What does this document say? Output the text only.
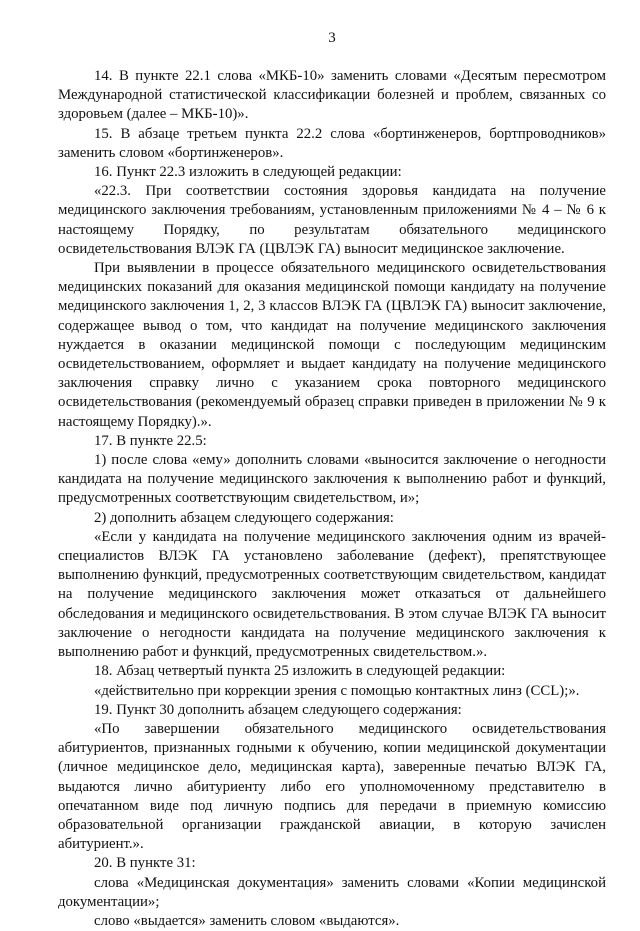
3

14. В пункте 22.1 слова «МКБ-10» заменить словами «Десятым пересмотром Международной статистической классификации болезней и проблем, связанных со здоровьем (далее – МКБ-10)».

15. В абзаце третьем пункта 22.2 слова «бортинженеров, бортпроводников» заменить словом «бортинженеров».

16. Пункт 22.3 изложить в следующей редакции:

«22.3. При соответствии состояния здоровья кандидата на получение медицинского заключения требованиям, установленным приложениями № 4 – № 6 к настоящему Порядку, по результатам обязательного медицинского освидетельствования ВЛЭК ГА (ЦВЛЭК ГА) выносит медицинское заключение.

При выявлении в процессе обязательного медицинского освидетельствования медицинских показаний для оказания медицинской помощи кандидату на получение медицинского заключения 1, 2, 3 классов ВЛЭК ГА (ЦВЛЭК ГА) выносит заключение, содержащее вывод о том, что кандидат на получение медицинского заключения нуждается в оказании медицинской помощи с последующим медицинским освидетельствованием, оформляет и выдает кандидату на получение медицинского заключения справку лично с указанием срока повторного медицинского освидетельствования (рекомендуемый образец справки приведен в приложении № 9 к настоящему Порядку).».

17. В пункте 22.5:

1) после слова «ему» дополнить словами «выносится заключение о негодности кандидата на получение медицинского заключения к выполнению работ и функций, предусмотренных соответствующим свидетельством, и»;

2) дополнить абзацем следующего содержания:

«Если у кандидата на получение медицинского заключения одним из врачей-специалистов ВЛЭК ГА установлено заболевание (дефект), препятствующее выполнению функций, предусмотренных соответствующим свидетельством, кандидат на получение медицинского заключения может отказаться от дальнейшего обследования и медицинского освидетельствования. В этом случае ВЛЭК ГА выносит заключение о негодности кандидата на получение медицинского заключения к выполнению работ и функций, предусмотренных свидетельством.».

18. Абзац четвертый пункта 25 изложить в следующей редакции:

«действительно при коррекции зрения с помощью контактных линз (CCL);».

19. Пункт 30 дополнить абзацем следующего содержания:

«По завершении обязательного медицинского освидетельствования абитуриентов, признанных годными к обучению, копии медицинской документации (личное медицинское дело, медицинская карта), заверенные печатью ВЛЭК ГА, выдаются лично абитуриенту либо его уполномоченному представителю в опечатанном виде под личную подпись для передачи в приемную комиссию образовательной организации гражданской авиации, в которую зачислен абитуриент.».

20. В пункте 31:

слова «Медицинская документация» заменить словами «Копии медицинской документации»;

слово «выдается» заменить словом «выдаются».
